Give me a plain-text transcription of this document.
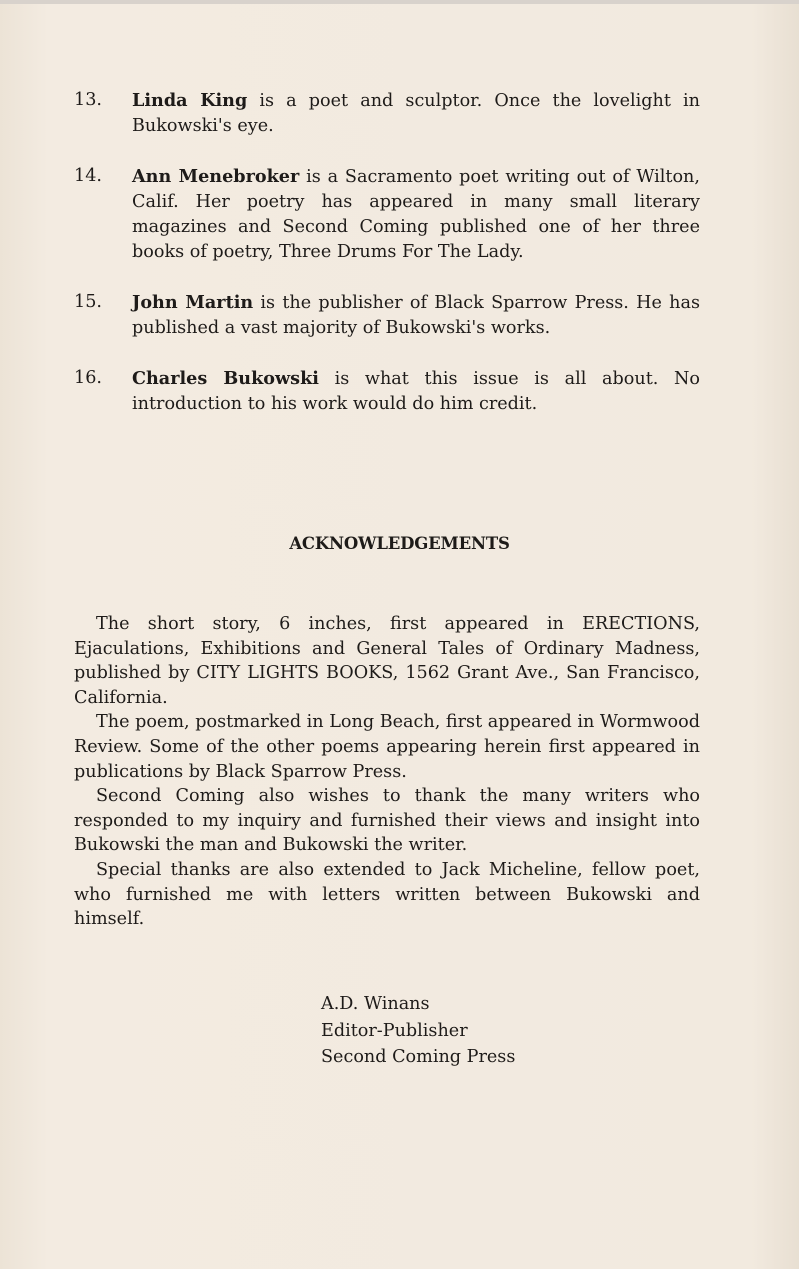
13. Linda King is a poet and sculptor. Once the lovelight in Bukowski's eye.
14. Ann Menebroker is a Sacramento poet writing out of Wilton, Calif. Her poetry has appeared in many small literary magazines and Second Coming published one of her three books of poetry, Three Drums For The Lady.
15. John Martin is the publisher of Black Sparrow Press. He has published a vast majority of Bukowski's works.
16. Charles Bukowski is what this issue is all about. No introduction to his work would do him credit.
ACKNOWLEDGEMENTS

The short story, 6 inches, first appeared in ERECTIONS, Ejaculations, Exhibitions and General Tales of Ordinary Madness, published by CITY LIGHTS BOOKS, 1562 Grant Ave., San Francisco, California.

The poem, postmarked in Long Beach, first appeared in Wormwood Review. Some of the other poems appearing herein first appeared in publications by Black Sparrow Press.

Second Coming also wishes to thank the many writers who responded to my inquiry and furnished their views and insight into Bukowski the man and Bukowski the writer.

Special thanks are also extended to Jack Micheline, fellow poet, who furnished me with letters written between Bukowski and himself.

A.D. Winans
Editor-Publisher
Second Coming Press
